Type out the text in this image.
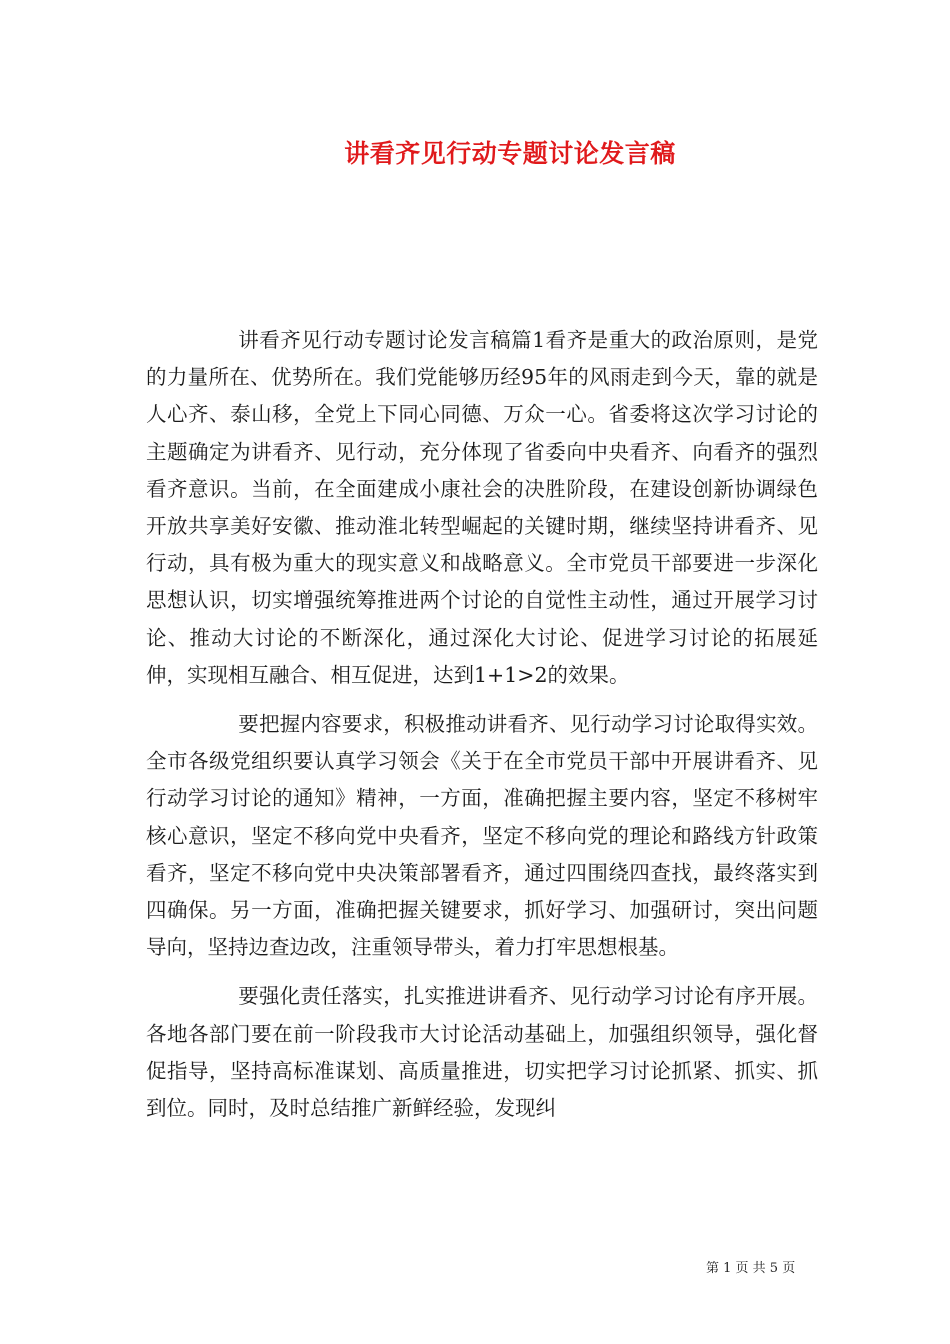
讲看齐见行动专题讨论发言稿

讲看齐见行动专题讨论发言稿篇1看齐是重大的政治原则，是党的力量所在、优势所在。我们党能够历经95年的风雨走到今天，靠的就是人心齐、泰山移，全党上下同心同德、万众一心。省委将这次学习讨论的主题确定为讲看齐、见行动，充分体现了省委向中央看齐、向看齐的强烈看齐意识。当前，在全面建成小康社会的决胜阶段，在建设创新协调绿色开放共享美好安徽、推动淮北转型崛起的关键时期，继续坚持讲看齐、见行动，具有极为重大的现实意义和战略意义。全市党员干部要进一步深化思想认识，切实增强统筹推进两个讨论的自觉性主动性，通过开展学习讨论、推动大讨论的不断深化，通过深化大讨论、促进学习讨论的拓展延伸，实现相互融合、相互促进，达到1+1>2的效果。

要把握内容要求，积极推动讲看齐、见行动学习讨论取得实效。全市各级党组织要认真学习领会《关于在全市党员干部中开展讲看齐、见行动学习讨论的通知》精神，一方面，准确把握主要内容，坚定不移树牢核心意识，坚定不移向党中央看齐，坚定不移向党的理论和路线方针政策看齐，坚定不移向党中央决策部署看齐，通过四围绕四查找，最终落实到四确保。另一方面，准确把握关键要求，抓好学习、加强研讨，突出问题导向，坚持边查边改，注重领导带头，着力打牢思想根基。

要强化责任落实，扎实推进讲看齐、见行动学习讨论有序开展。各地各部门要在前一阶段我市大讨论活动基础上，加强组织领导，强化督促指导，坚持高标准谋划、高质量推进，切实把学习讨论抓紧、抓实、抓到位。同时，及时总结推广新鲜经验，发现纠

第 1 页 共 5 页
